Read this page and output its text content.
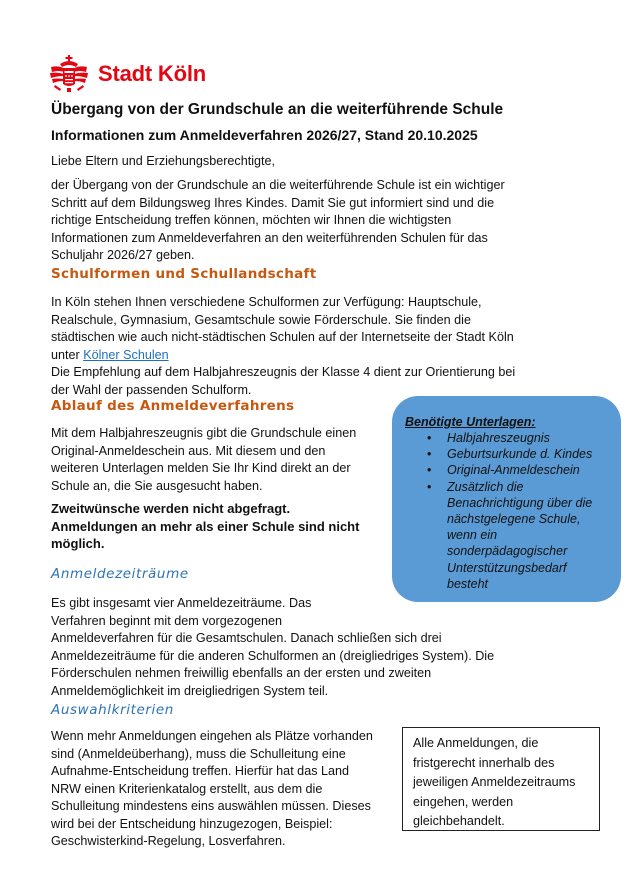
Stadt Köln
Übergang von der Grundschule an die weiterführende Schule
Informationen zum Anmeldeverfahren 2026/27, Stand 20.10.2025
Liebe Eltern und Erziehungsberechtigte,
der Übergang von der Grundschule an die weiterführende Schule ist ein wichtiger
Schritt auf dem Bildungsweg Ihres Kindes. Damit Sie gut informiert sind und die
richtige Entscheidung treffen können, möchten wir Ihnen die wichtigsten
Informationen zum Anmeldeverfahren an den weiterführenden Schulen für das
Schuljahr 2026/27 geben.
Schulformen und Schullandschaft
In Köln stehen Ihnen verschiedene Schulformen zur Verfügung: Hauptschule,
Realschule, Gymnasium, Gesamtschule sowie Förderschule. Sie finden die
städtischen wie auch nicht-städtischen Schulen auf der Internetseite der Stadt Köln
unter Kölner Schulen
Die Empfehlung auf dem Halbjahreszeugnis der Klasse 4 dient zur Orientierung bei
der Wahl der passenden Schulform.
Ablauf des Anmeldeverfahrens
Mit dem Halbjahreszeugnis gibt die Grundschule einen
Original-Anmeldeschein aus. Mit diesem und den
weiteren Unterlagen melden Sie Ihr Kind direkt an der
Schule an, die Sie ausgesucht haben.
Zweitwünsche werden nicht abgefragt.
Anmeldungen an mehr als einer Schule sind nicht
möglich.
Benötigte Unterlagen:
• Halbjahreszeugnis
• Geburtsurkunde d. Kindes
• Original-Anmeldeschein
• Zusätzlich die Benachrichtigung über die nächstgelegene Schule, wenn ein sonderpädagogischer Unterstützungsbedarf besteht
Anmeldezeiträume
Es gibt insgesamt vier Anmeldezeiträume. Das
Verfahren beginnt mit dem vorgezogenen
Anmeldeverfahren für die Gesamtschulen. Danach schließen sich drei
Anmeldezeiträume für die anderen Schulformen an (dreigliedriges System). Die
Förderschulen nehmen freiwillig ebenfalls an der ersten und zweiten
Anmeldemöglichkeit im dreigliedrigen System teil.
Auswahlkriterien
Wenn mehr Anmeldungen eingehen als Plätze vorhanden
sind (Anmeldeüberhang), muss die Schulleitung eine
Aufnahme-Entscheidung treffen. Hierfür hat das Land
NRW einen Kriterienkatalog erstellt, aus dem die
Schulleitung mindestens eins auswählen müssen. Dieses
wird bei der Entscheidung hinzugezogen, Beispiel:
Geschwisterkind-Regelung, Losverfahren.
Alle Anmeldungen, die
fristgerecht innerhalb des
jeweiligen Anmeldezeitraums
eingehen, werden
gleichbehandelt.
